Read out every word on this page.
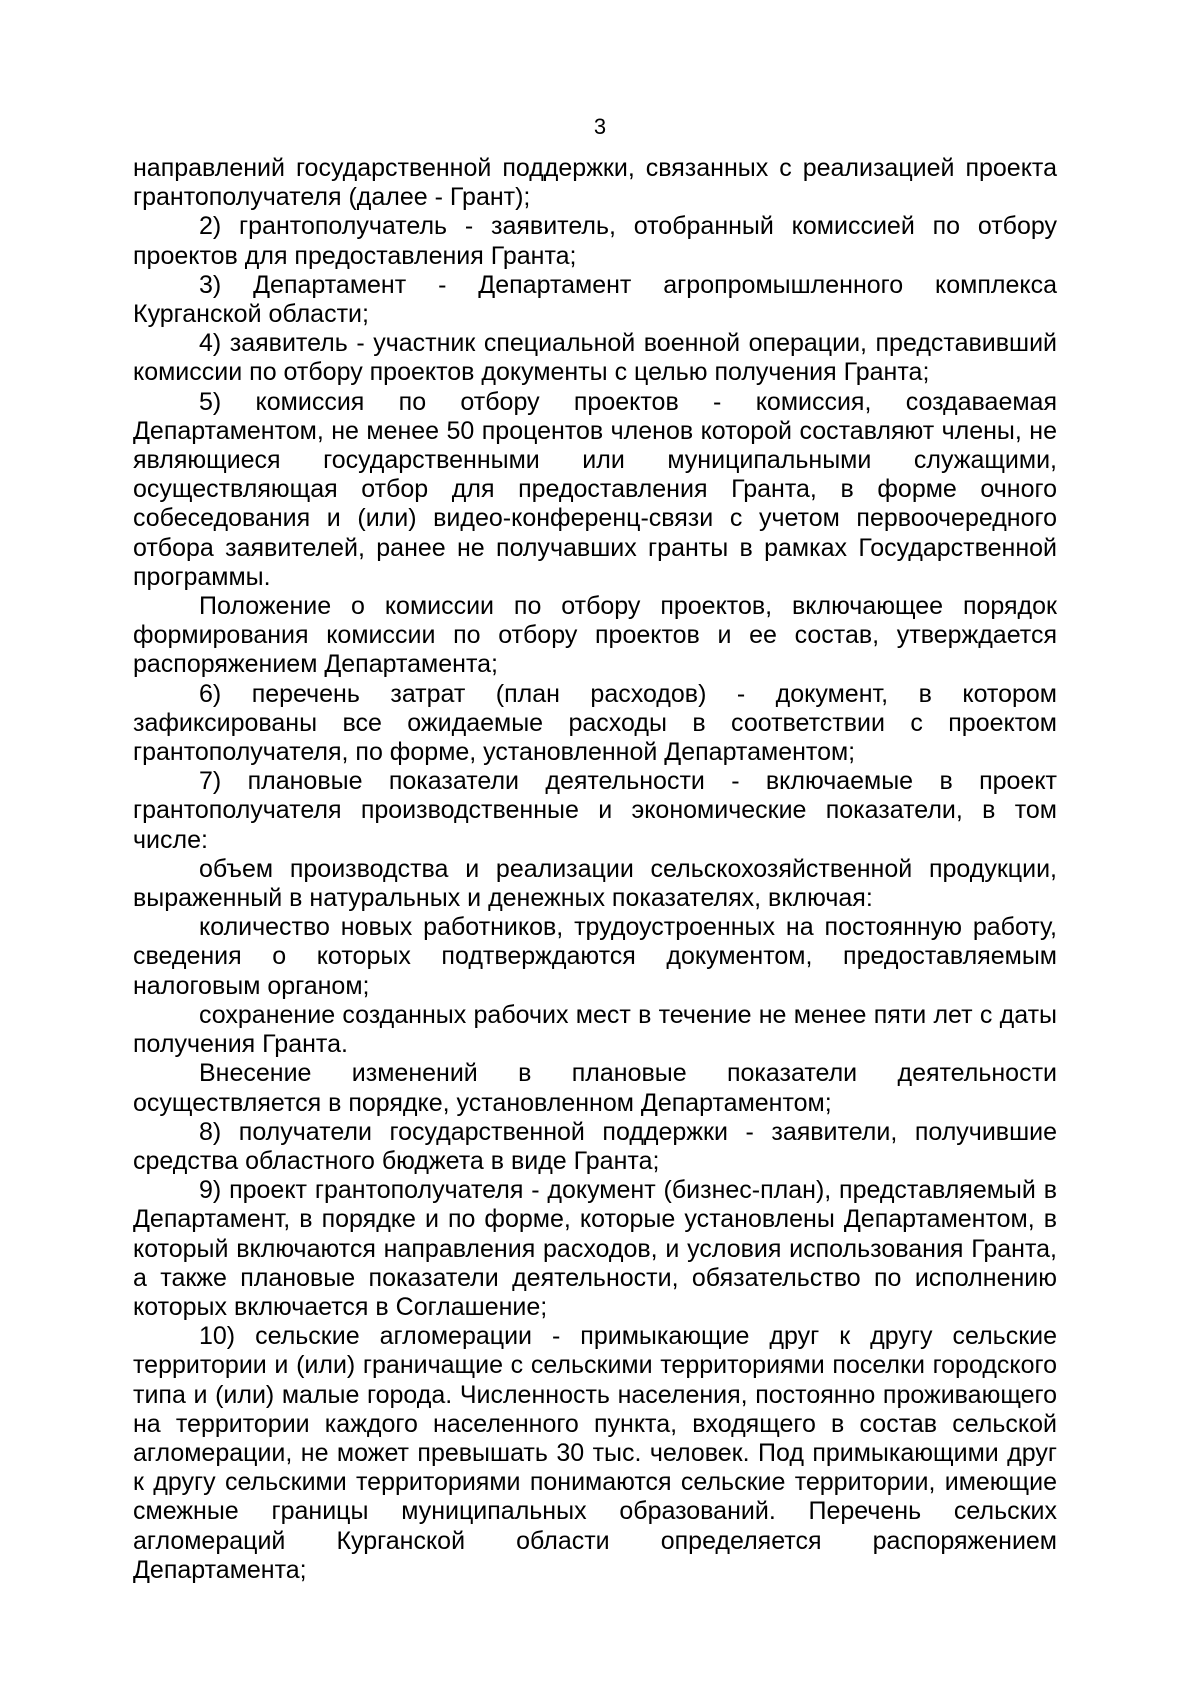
3

направлений государственной поддержки, связанных с реализацией проекта грантополучателя (далее - Грант);

2) грантополучатель - заявитель, отобранный комиссией по отбору проектов для предоставления Гранта;

3) Департамент - Департамент агропромышленного комплекса Курганской области;

4) заявитель - участник специальной военной операции, представивший комиссии по отбору проектов документы с целью получения Гранта;

5) комиссия по отбору проектов - комиссия, создаваемая Департаментом, не менее 50 процентов членов которой составляют члены, не являющиеся государственными или муниципальными служащими, осуществляющая отбор для предоставления Гранта, в форме очного собеседования и (или) видео-конференц-связи с учетом первоочередного отбора заявителей, ранее не получавших гранты в рамках Государственной программы.

Положение о комиссии по отбору проектов, включающее порядок формирования комиссии по отбору проектов и ее состав, утверждается распоряжением Департамента;

6) перечень затрат (план расходов) - документ, в котором зафиксированы все ожидаемые расходы в соответствии с проектом грантополучателя, по форме, установленной Департаментом;

7) плановые показатели деятельности - включаемые в проект грантополучателя производственные и экономические показатели, в том числе:

объем производства и реализации сельскохозяйственной продукции, выраженный в натуральных и денежных показателях, включая:

количество новых работников, трудоустроенных на постоянную работу, сведения о которых подтверждаются документом, предоставляемым налоговым органом;

сохранение созданных рабочих мест в течение не менее пяти лет с даты получения Гранта.

Внесение изменений в плановые показатели деятельности осуществляется в порядке, установленном Департаментом;

8) получатели государственной поддержки - заявители, получившие средства областного бюджета в виде Гранта;

9) проект грантополучателя - документ (бизнес-план), представляемый в Департамент, в порядке и по форме, которые установлены Департаментом, в который включаются направления расходов, и условия использования Гранта, а также плановые показатели деятельности, обязательство по исполнению которых включается в Соглашение;

10) сельские агломерации - примыкающие друг к другу сельские территории и (или) граничащие с сельскими территориями поселки городского типа и (или) малые города. Численность населения, постоянно проживающего на территории каждого населенного пункта, входящего в состав сельской агломерации, не может превышать 30 тыс. человек. Под примыкающими друг к другу сельскими территориями понимаются сельские территории, имеющие смежные границы муниципальных образований. Перечень сельских агломераций Курганской области определяется распоряжением Департамента;
